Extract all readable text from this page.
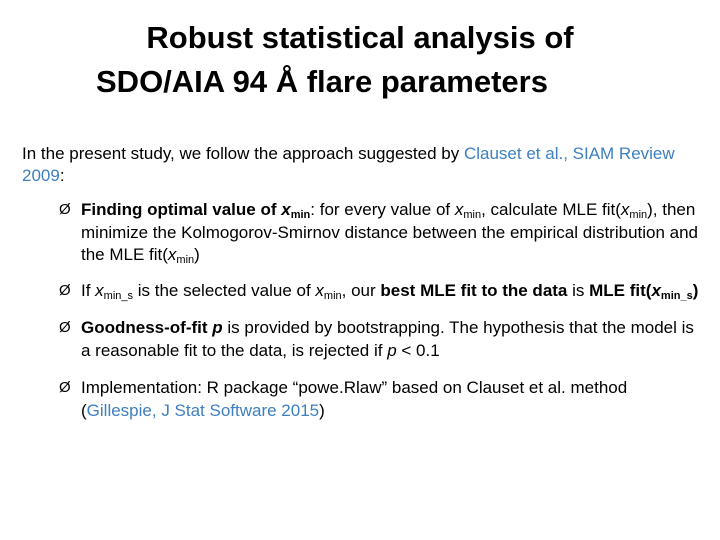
Robust statistical analysis of
SDO/AIA 94 Å flare parameters
In the present study, we follow the approach suggested by Clauset et al., SIAM Review 2009:
Ø Finding optimal value of $x_{min}$: for every value of $x_{min}$, calculate MLE $fit(x_{min})$, then minimize the Kolmogorov-Smirnov distance between the empirical distribution and the MLE $fit(x_{min})$
Ø If $x_{min\_s}$ is the selected value of $x_{min}$, our best MLE fit to the data is MLE $fit(x_{min\_s})$
Ø Goodness-of-fit p is provided by bootstrapping. The hypothesis that the model is a reasonable fit to the data, is rejected if p < 0.1
Ø Implementation: R package “powe.Rlaw” based on Clauset et al. method (Gillespie, J Stat Software 2015)
